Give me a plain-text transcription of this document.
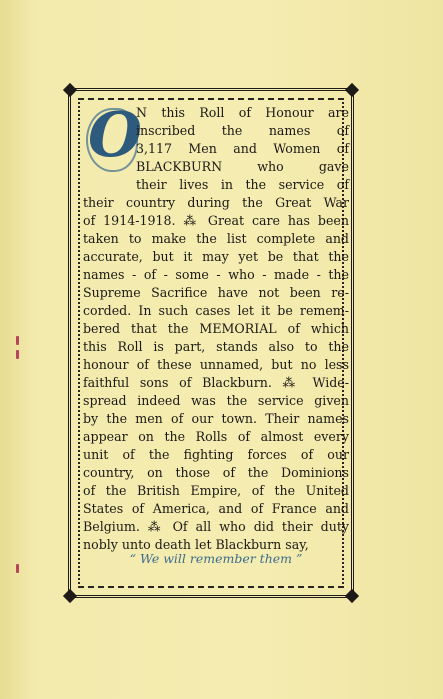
O
N this Roll of Honour are
inscribed the names of
3,117 Men and Women of
BLACKBURN who gave
their lives in the service of
their country during the Great War
of 1914-1918. ⁂ Great care has been
taken to make the list complete and
accurate, but it may yet be that the
names - of - some - who - made - the
Supreme Sacrifice have not been re-
corded. In such cases let it be remem-
bered that the MEMORIAL of which
this Roll is part, stands also to the
honour of these unnamed, but no less
faithful sons of Blackburn. ⁂ Wide-
spread indeed was the service given
by the men of our town. Their names
appear on the Rolls of almost every
unit of the fighting forces of our
country, on those of the Dominions
of the British Empire, of the United
States of America, and of France and
Belgium. ⁂ Of all who did their duty
nobly unto death let Blackburn say,
“ We will remember them ”
